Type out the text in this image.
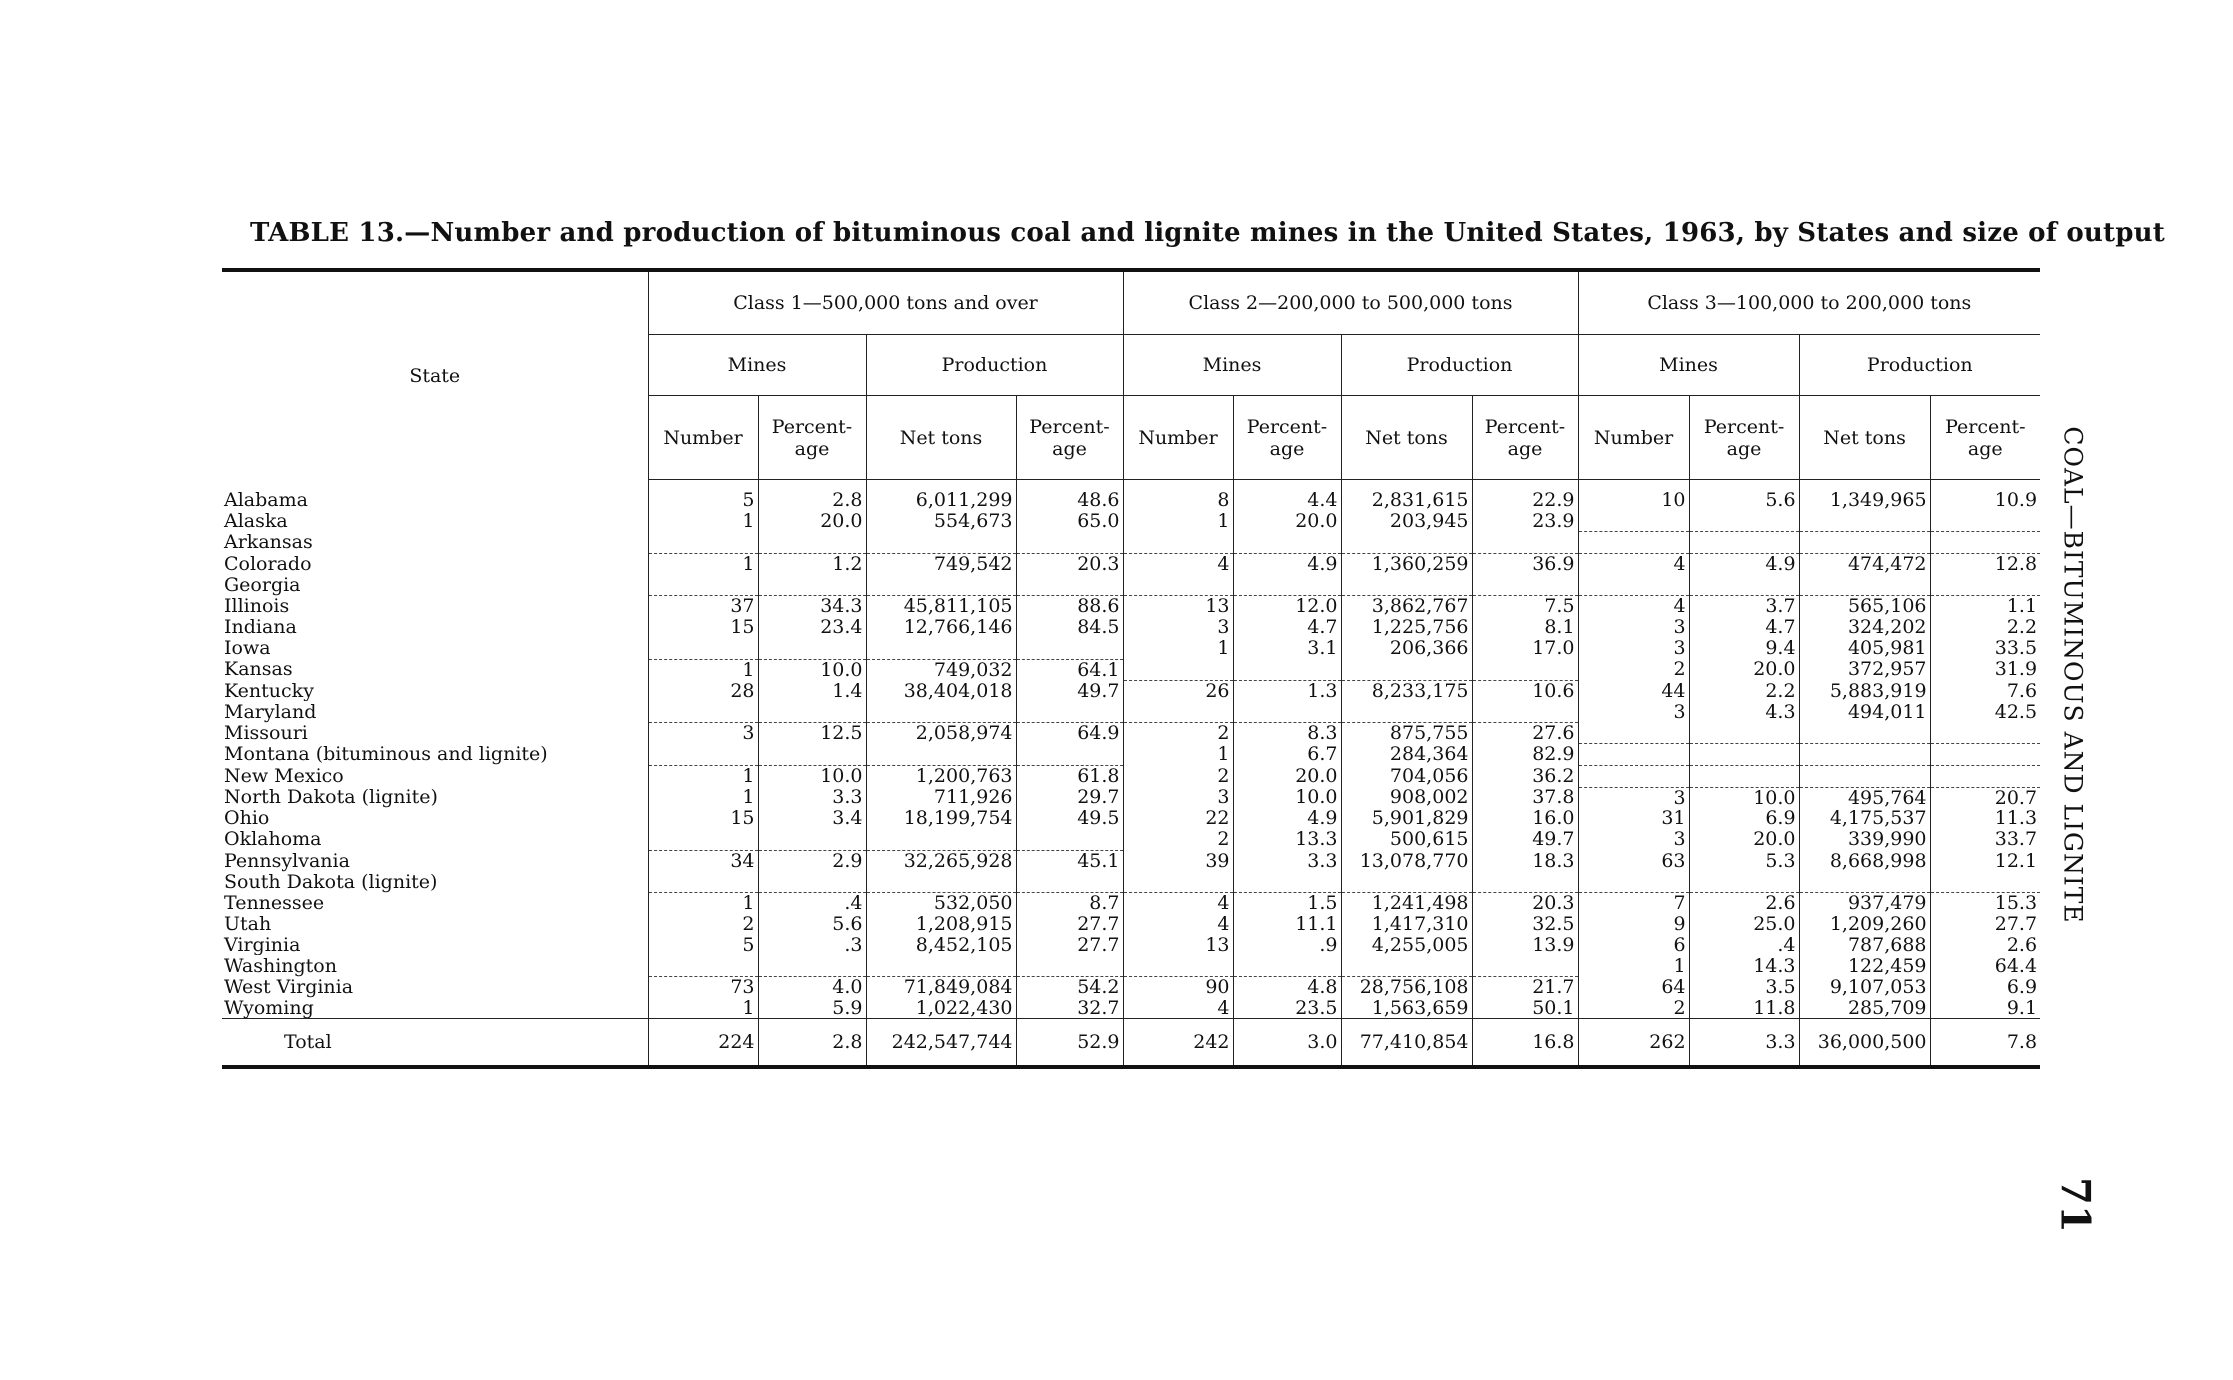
TABLE 13.—Number and production of bituminous coal and lignite mines in the United States, 1963, by States and size of output
State	Class 1—500,000 tons and over				Class 2—200,000 to 500,000 tons				Class 3—100,000 to 200,000 tons			
	Mines		Production		Mines		Production		Mines		Production	
	Number	Percent-age	Net tons	Percent-age	Number	Percent-age	Net tons	Percent-age	Number	Percent-age	Net tons	Percent-age
Alabama	5	2.8	6,011,299	48.6	8	4.4	2,831,615	22.9	10	5.6	1,349,965	10.9
Alaska	1	20.0	554,673	65.0	1	20.0	203,945	23.9				
Arkansas												
Colorado	1	1.2	749,542	20.3	4	4.9	1,360,259	36.9	4	4.9	474,472	12.8
Georgia												
Illinois	37	34.3	45,811,105	88.6	13	12.0	3,862,767	7.5	4	3.7	565,106	1.1
Indiana	15	23.4	12,766,146	84.5	3	4.7	1,225,756	8.1	3	4.7	324,202	2.2
Iowa					1	3.1	206,366	17.0	3	9.4	405,981	33.5
Kansas	1	10.0	749,032	64.1					2	20.0	372,957	31.9
Kentucky	28	1.4	38,404,018	49.7	26	1.3	8,233,175	10.6	44	2.2	5,883,919	7.6
Maryland									3	4.3	494,011	42.5
Missouri	3	12.5	2,058,974	64.9	2	8.3	875,755	27.6				
Montana (bituminous and lignite)					1	6.7	284,364	82.9				
New Mexico	1	10.0	1,200,763	61.8	2	20.0	704,056	36.2				
North Dakota (lignite)	1	3.3	711,926	29.7	3	10.0	908,002	37.8	3	10.0	495,764	20.7
Ohio	15	3.4	18,199,754	49.5	22	4.9	5,901,829	16.0	31	6.9	4,175,537	11.3
Oklahoma					2	13.3	500,615	49.7	3	20.0	339,990	33.7
Pennsylvania	34	2.9	32,265,928	45.1	39	3.3	13,078,770	18.3	63	5.3	8,668,998	12.1
South Dakota (lignite)												
Tennessee	1	.4	532,050	8.7	4	1.5	1,241,498	20.3	7	2.6	937,479	15.3
Utah	2	5.6	1,208,915	27.7	4	11.1	1,417,310	32.5	9	25.0	1,209,260	27.7
Virginia	5	.3	8,452,105	27.7	13	.9	4,255,005	13.9	6	.4	787,688	2.6
Washington									1	14.3	122,459	64.4
West Virginia	73	4.0	71,849,084	54.2	90	4.8	28,756,108	21.7	64	3.5	9,107,053	6.9
Wyoming	1	5.9	1,022,430	32.7	4	23.5	1,563,659	50.1	2	11.8	285,709	9.1
Total	224	2.8	242,547,744	52.9	242	3.0	77,410,854	16.8	262	3.3	36,000,500	7.8
COAL—BITUMINOUS AND LIGNITE
71
